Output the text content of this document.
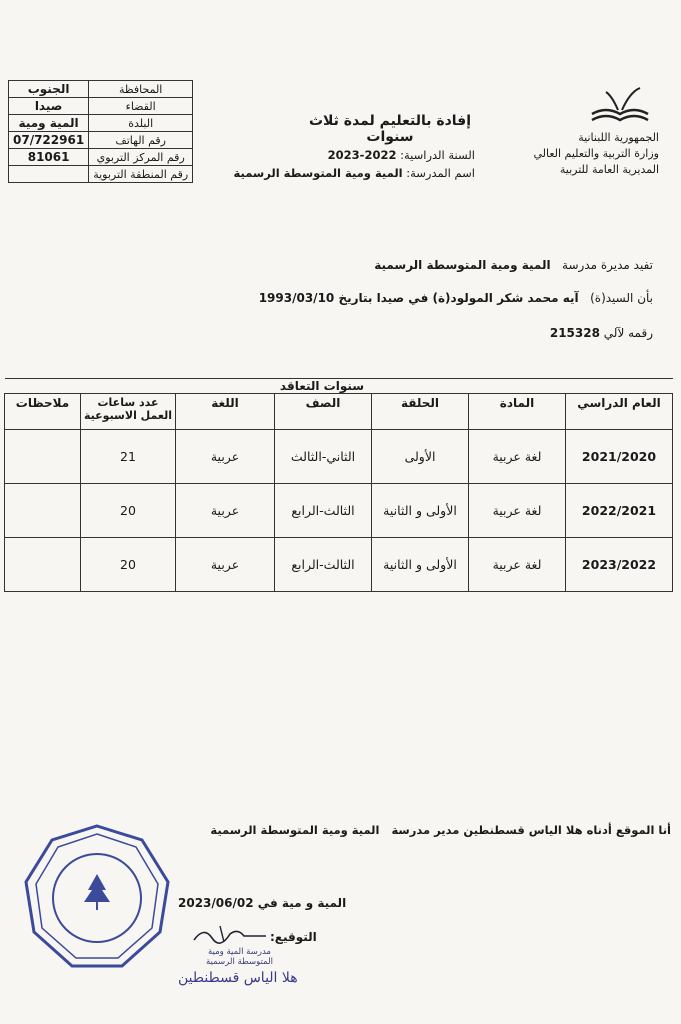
الجمهورية اللبنانية
وزارة التربية والتعليم العالي
المديرية العامة للتربية
إفادة بالتعليم لمدة ثلاث سنوات
السنة الدراسية: 2022-2023
اسم المدرسة: المية ومية المتوسطة الرسمية
المحافظة	الجنوب
القضاء	صيدا
البلدة	المية ومية
رقم الهاتف	07/722961
رقم المركز التربوي	81061
رقم المنطقة التربوية	
تفيد مديرة مدرسة   المية ومية المتوسطة الرسمية
بأن السيد(ة)   آيه محمد شكر المولود(ة) في صيدا بتاريخ 1993/03/10
رقمه لآلي 215328
		سنوات التعاقد				
العام الدراسي	المادة	الحلقة	الصف	اللغة	عدد ساعات العمل الاسبوعية	ملاحظات
2021/2020	لغة عربية	الأولى	الثاني-الثالث	عربية	21	
2022/2021	لغة عربية	الأولى و الثانية	الثالث-الرابع	عربية	20	
2023/2022	لغة عربية	الأولى و الثانية	الثالث-الرابع	عربية	20	
أنا الموقع أدناه هلا الياس قسطنطين مدير مدرسة   المية ومية المتوسطة الرسمية
المية و مية في 2023/06/02
التوقيع:
مدرسة المية ومية
المتوسطة الرسمية
هلا الياس قسطنطين
